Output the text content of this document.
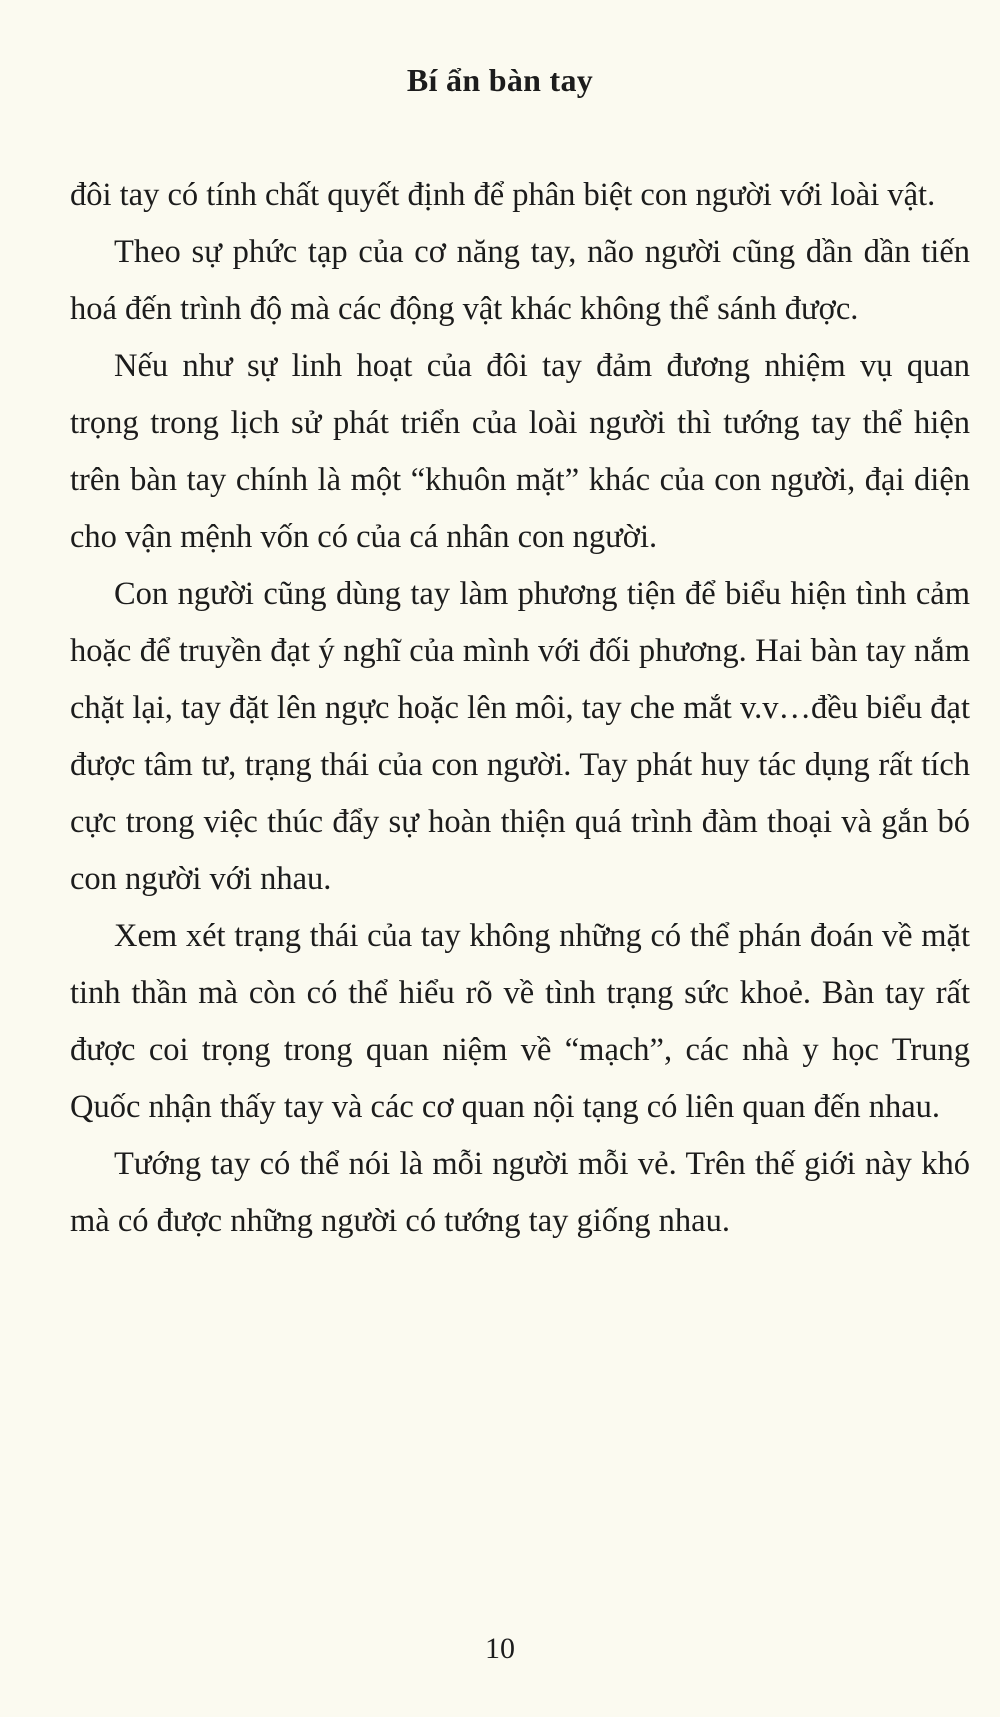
Bí ẩn bàn tay

đôi tay có tính chất quyết định để phân biệt con người với loài vật.

Theo sự phức tạp của cơ năng tay, não người cũng dần dần tiến hoá đến trình độ mà các động vật khác không thể sánh được.

Nếu như sự linh hoạt của đôi tay đảm đương nhiệm vụ quan trọng trong lịch sử phát triển của loài người thì tướng tay thể hiện trên bàn tay chính là một “khuôn mặt” khác của con người, đại diện cho vận mệnh vốn có của cá nhân con người.

Con người cũng dùng tay làm phương tiện để biểu hiện tình cảm hoặc để truyền đạt ý nghĩ của mình với đối phương. Hai bàn tay nắm chặt lại, tay đặt lên ngực hoặc lên môi, tay che mắt v.v…đều biểu đạt được tâm tư, trạng thái của con người. Tay phát huy tác dụng rất tích cực trong việc thúc đẩy sự hoàn thiện quá trình đàm thoại và gắn bó con người với nhau.

Xem xét trạng thái của tay không những có thể phán đoán về mặt tinh thần mà còn có thể hiểu rõ về tình trạng sức khoẻ. Bàn tay rất được coi trọng trong quan niệm về “mạch”, các nhà y học Trung Quốc nhận thấy tay và các cơ quan nội tạng có liên quan đến nhau.

Tướng tay có thể nói là mỗi người mỗi vẻ. Trên thế giới này khó mà có được những người có tướng tay giống nhau.

10
